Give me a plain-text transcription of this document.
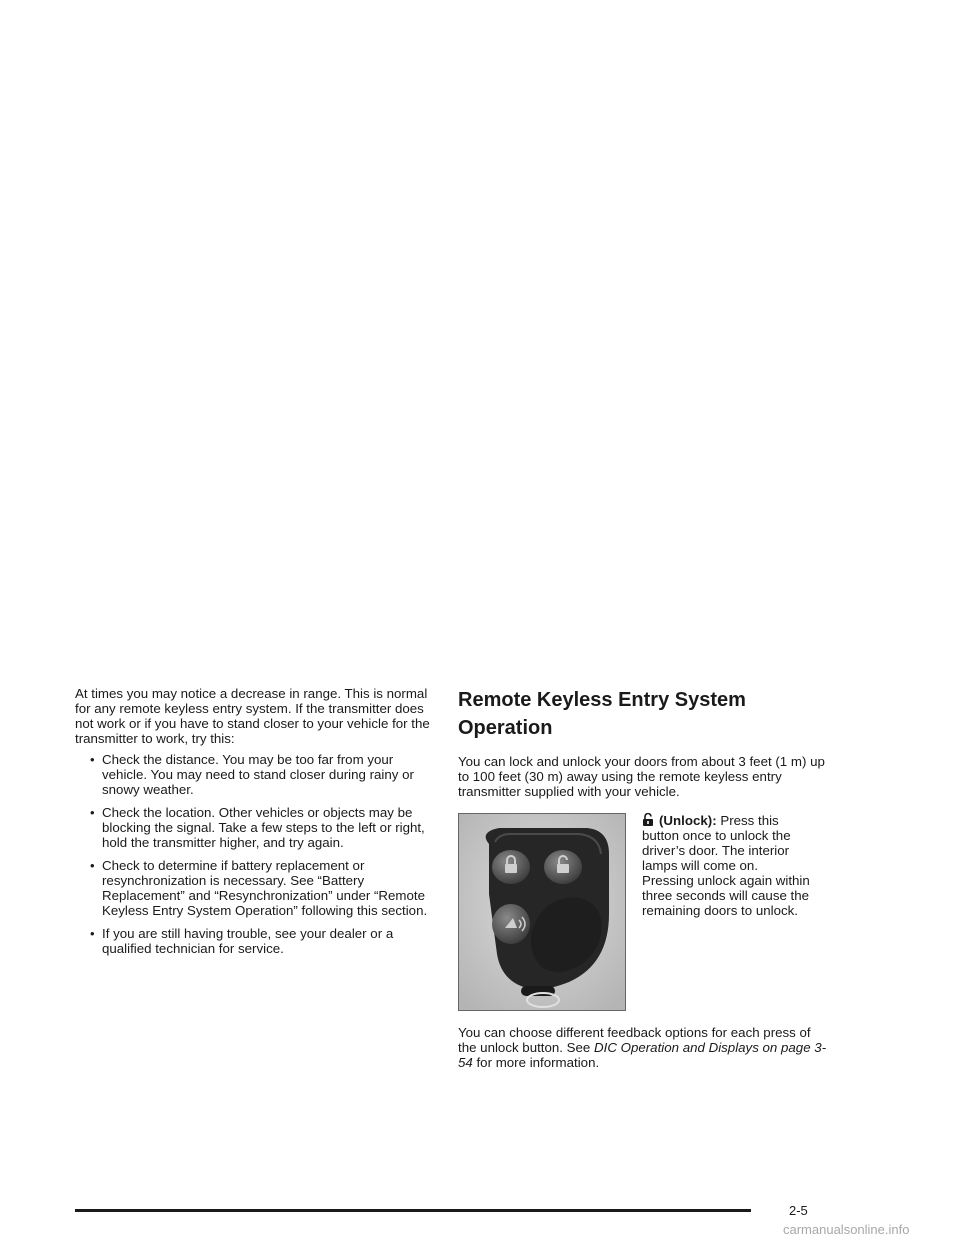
At times you may notice a decrease in range. This is normal for any remote keyless entry system. If the transmitter does not work or if you have to stand closer to your vehicle for the transmitter to work, try this:

• Check the distance. You may be too far from your vehicle. You may need to stand closer during rainy or snowy weather.
• Check the location. Other vehicles or objects may be blocking the signal. Take a few steps to the left or right, hold the transmitter higher, and try again.
• Check to determine if battery replacement or resynchronization is necessary. See “Battery Replacement” and “Resynchronization” under “Remote Keyless Entry System Operation” following this section.
• If you are still having trouble, see your dealer or a qualified technician for service.
Remote Keyless Entry System Operation

You can lock and unlock your doors from about 3 feet (1 m) up to 100 feet (30 m) away using the remote keyless entry transmitter supplied with your vehicle.

(Unlock): Press this button once to unlock the driver’s door. The interior lamps will come on. Pressing unlock again within three seconds will cause the remaining doors to unlock.

You can choose different feedback options for each press of the unlock button. See DIC Operation and Displays on page 3-54 for more information.

2-5
carmanualsonline.info
